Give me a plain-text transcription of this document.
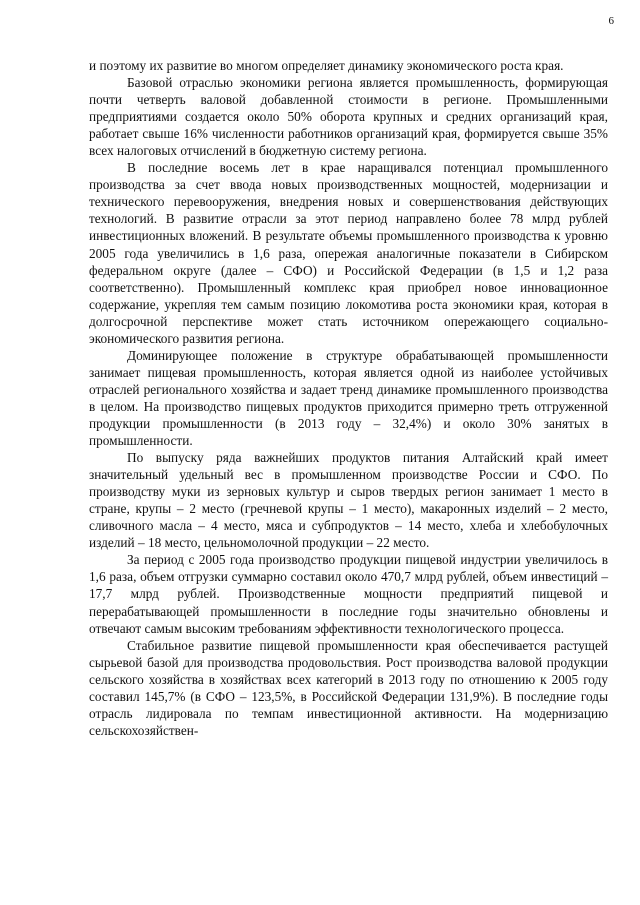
6

и поэтому их развитие во многом определяет динамику экономического роста края.

Базовой отраслью экономики региона является промышленность, формирующая почти четверть валовой добавленной стоимости в регионе. Промышленными предприятиями создается около 50% оборота крупных и средних организаций края, работает свыше 16% численности работников организаций края, формируется свыше 35% всех налоговых отчислений в бюджетную систему региона.

В последние восемь лет в крае наращивался потенциал промышленного производства за счет ввода новых производственных мощностей, модернизации и технического перевооружения, внедрения новых и совершенствования действующих технологий. В развитие отрасли за этот период направлено более 78 млрд рублей инвестиционных вложений. В результате объемы промышленного производства к уровню 2005 года увеличились в 1,6 раза, опережая аналогичные показатели в Сибирском федеральном округе (далее – СФО) и Российской Федерации (в 1,5 и 1,2 раза соответственно). Промышленный комплекс края приобрел новое инновационное содержание, укрепляя тем самым позицию локомотива роста экономики края, которая в долгосрочной перспективе может стать источником опережающего социально-экономического развития региона.

Доминирующее положение в структуре обрабатывающей промышленности занимает пищевая промышленность, которая является одной из наиболее устойчивых отраслей регионального хозяйства и задает тренд динамике промышленного производства в целом. На производство пищевых продуктов приходится примерно треть отгруженной продукции промышленности (в 2013 году – 32,4%) и около 30% занятых в промышленности.

По выпуску ряда важнейших продуктов питания Алтайский край имеет значительный удельный вес в промышленном производстве России и СФО. По производству муки из зерновых культур и сыров твердых регион занимает 1 место в стране, крупы – 2 место (гречневой крупы – 1 место), макаронных изделий – 2 место, сливочного масла – 4 место, мяса и субпродуктов – 14 место, хлеба и хлебобулочных изделий – 18 место, цельномолочной продукции – 22 место.

За период с 2005 года производство продукции пищевой индустрии увеличилось в 1,6 раза, объем отгрузки суммарно составил около 470,7 млрд рублей, объем инвестиций – 17,7 млрд рублей. Производственные мощности предприятий пищевой и перерабатывающей промышленности в последние годы значительно обновлены и отвечают самым высоким требованиям эффективности технологического процесса.

Стабильное развитие пищевой промышленности края обеспечивается растущей сырьевой базой для производства продовольствия. Рост производства валовой продукции сельского хозяйства в хозяйствах всех категорий в 2013 году по отношению к 2005 году составил 145,7% (в СФО – 123,5%, в Российской Федерации 131,9%). В последние годы отрасль лидировала по темпам инвестиционной активности. На модернизацию сельскохозяйствен-
